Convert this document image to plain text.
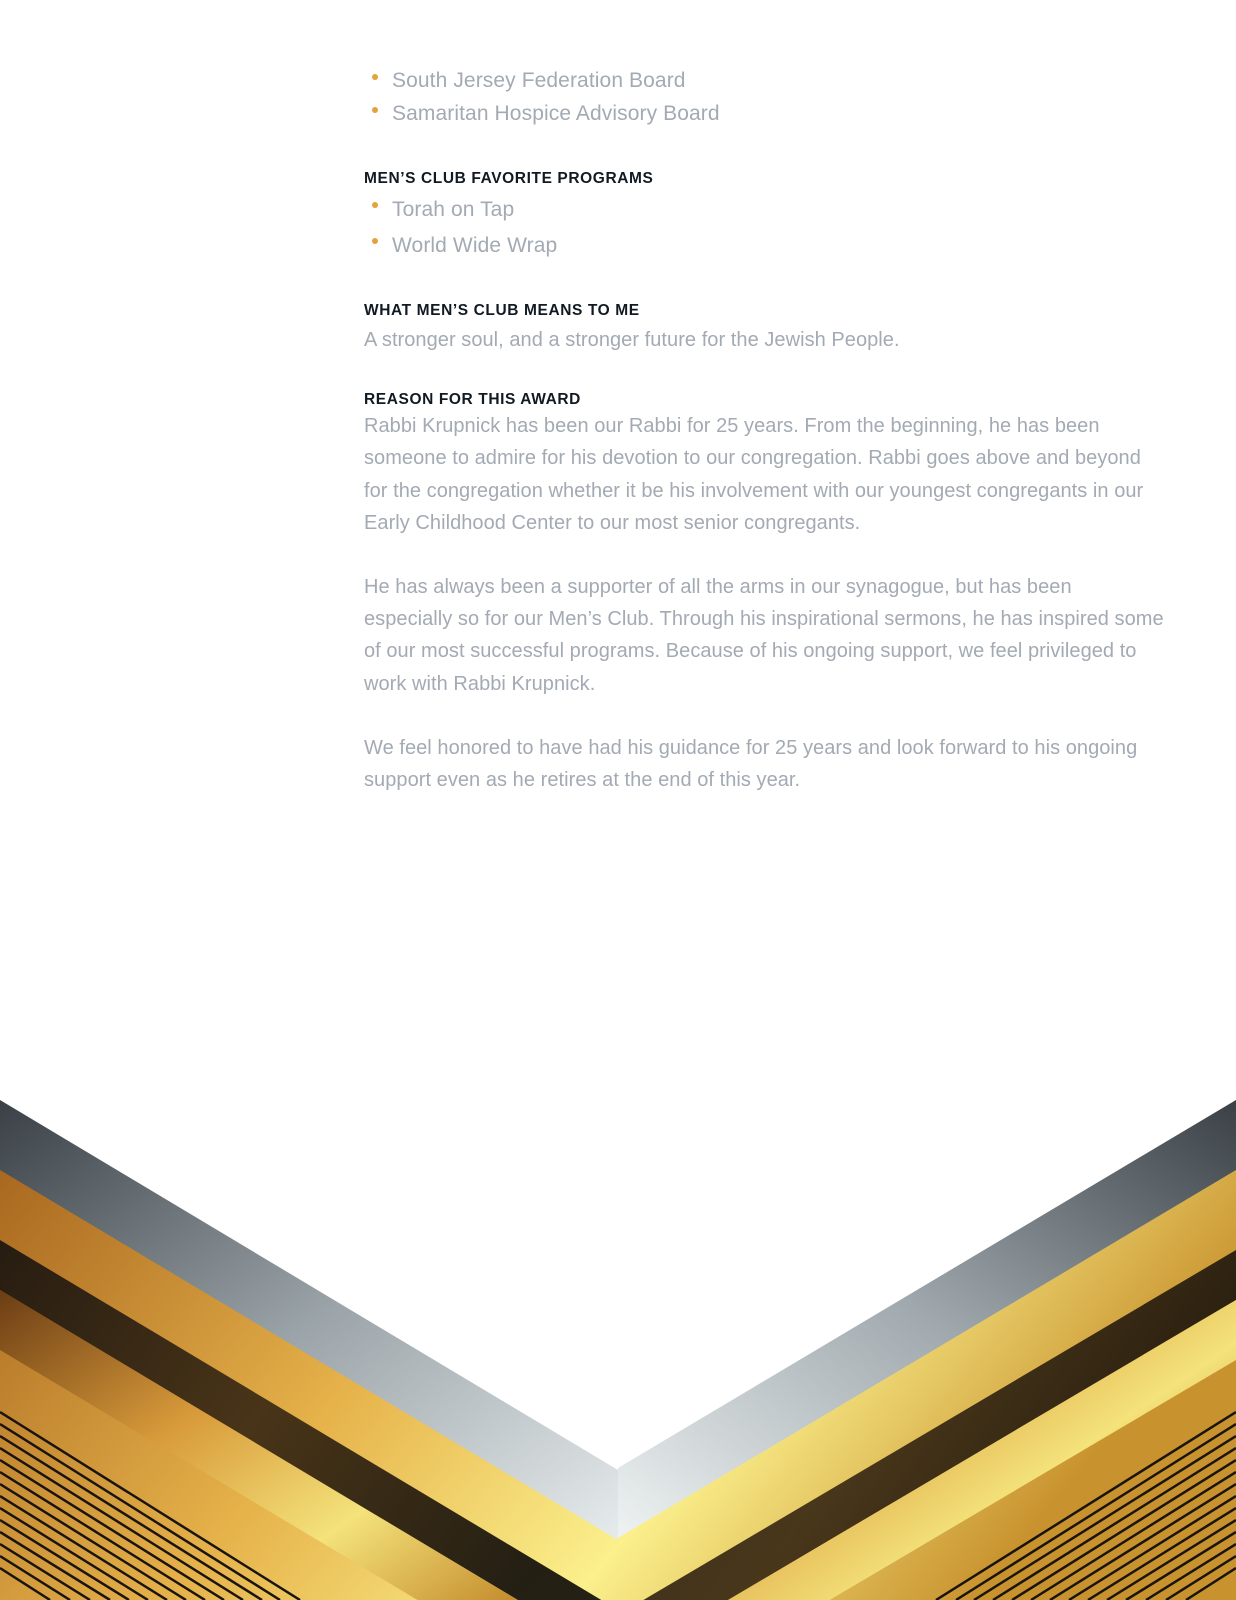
South Jersey Federation Board
Samaritan Hospice Advisory Board
MEN’S CLUB FAVORITE PROGRAMS
Torah on Tap
World Wide Wrap
WHAT MEN’S CLUB MEANS TO ME

A stronger soul, and a stronger future for the Jewish People.

REASON FOR THIS AWARD

Rabbi Krupnick has been our Rabbi for 25 years. From the beginning, he has been someone to admire for his devotion to our congregation. Rabbi goes above and beyond for the congregation whether it be his involvement with our youngest congregants in our Early Childhood Center to our most senior congregants.

He has always been a supporter of all the arms in our synagogue, but has been especially so for our Men’s Club. Through his inspirational sermons, he has inspired some of our most successful programs. Because of his ongoing support, we feel privileged to work with Rabbi Krupnick.

We feel honored to have had his guidance for 25 years and look forward to his ongoing support even as he retires at the end of this year.
